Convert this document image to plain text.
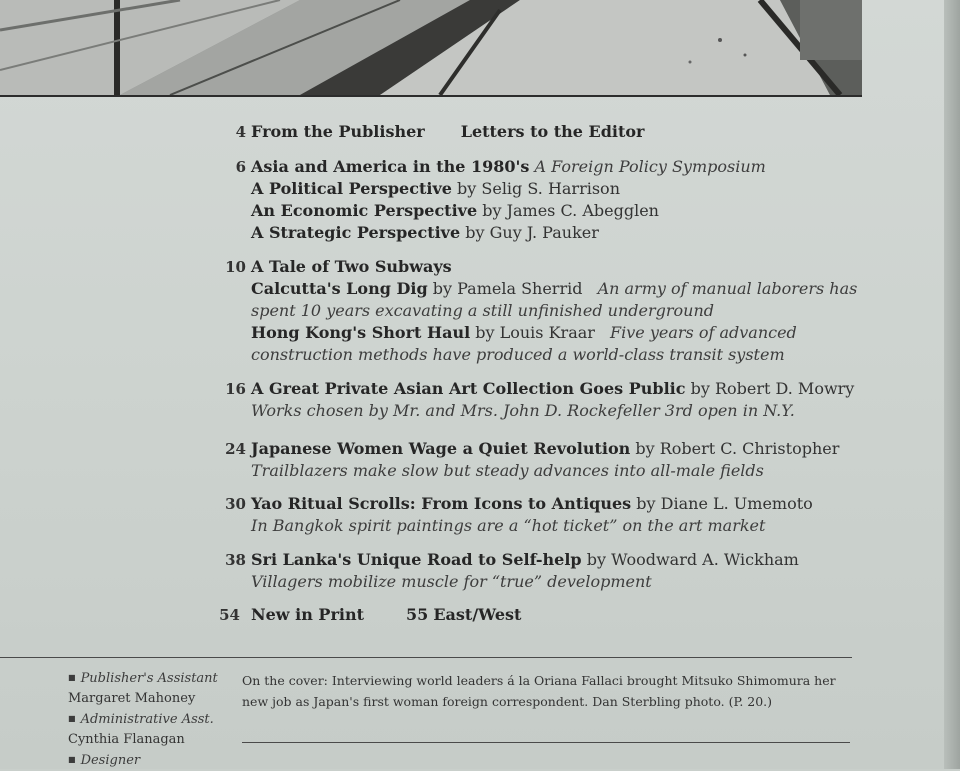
4 From the Publisher Letters to the Editor
6 Asia and America in the 1980's A Foreign Policy Symposium
A Political Perspective by Selig S. Harrison
An Economic Perspective by James C. Abegglen
A Strategic Perspective by Guy J. Pauker
10 A Tale of Two Subways
Calcutta's Long Dig by Pamela Sherrid An army of manual laborers has
spent 10 years excavating a still unfinished underground
Hong Kong's Short Haul by Louis Kraar Five years of advanced
construction methods have produced a world-class transit system
16 A Great Private Asian Art Collection Goes Public by Robert D. Mowry
Works chosen by Mr. and Mrs. John D. Rockefeller 3rd open in N.Y.
24 Japanese Women Wage a Quiet Revolution by Robert C. Christopher
Trailblazers make slow but steady advances into all-male fields
30 Yao Ritual Scrolls: From Icons to Antiques by Diane L. Umemoto
In Bangkok spirit paintings are a “hot ticket” on the art market
38 Sri Lanka's Unique Road to Self-help by Woodward A. Wickham
Villagers mobilize muscle for “true” development
54 New in Print	55 East/West
■ Publisher's Assistant
Margaret Mahoney
■ Administrative Asst.
Cynthia Flanagan
■ Designer
On the cover: Interviewing world leaders á la Oriana Fallaci brought Mitsuko Shimomura her
new job as Japan's first woman foreign correspondent. Dan Sterbling photo. (P. 20.)
